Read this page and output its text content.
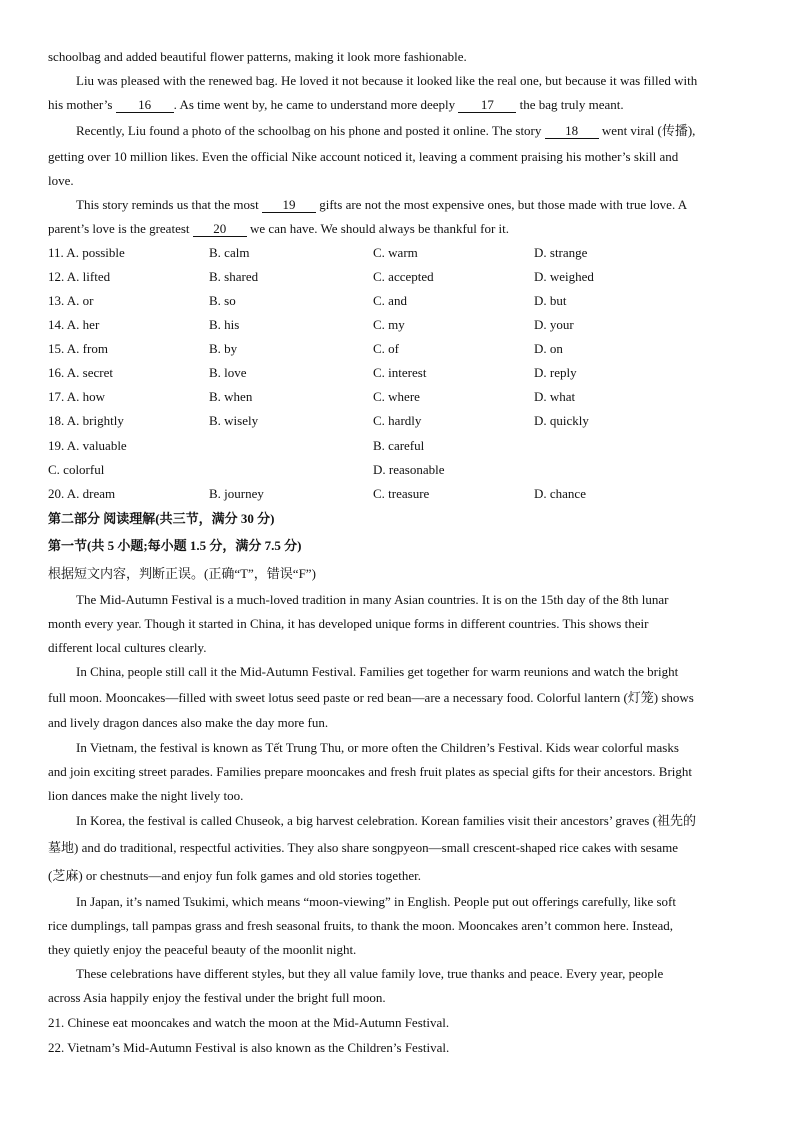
schoolbag and added beautiful flower patterns, making it look more fashionable.
Liu was pleased with the renewed bag. He loved it not because it looked like the real one, but because it was filled with
his mother’s 16 . As time went by, he came to understand more deeply 17 the bag truly meant.
Recently, Liu found a photo of the schoolbag on his phone and posted it online. The story 18 went viral (传播),
getting over 10 million likes. Even the official Nike account noticed it, leaving a comment praising his mother’s skill and
love.
This story reminds us that the most 19 gifts are not the most expensive ones, but those made with true love. A
parent’s love is the greatest 20 we can have. We should always be thankful for it.
11. A. possible	B. calm	C. warm	D. strange
12. A. lifted	B. shared	C. accepted	D. weighed
13. A. or	B. so	C. and	D. but
14. A. her	B. his	C. my	D. your
15. A. from	B. by	C. of	D. on
16. A. secret	B. love	C. interest	D. reply
17. A. how	B. when	C. where	D. what
18. A. brightly	B. wisely	C. hardly	D. quickly
19. A. valuable	B. careful
C. colorful	D. reasonable
20. A. dream	B. journey	C. treasure	D. chance
第二部分 阅读理解(共三节，满分 30 分)
第一节(共 5 小题;每小题 1.5 分，满分 7.5 分)
根据短文内容，判断正误。(正确“T”，错误“F”)
The Mid-Autumn Festival is a much-loved tradition in many Asian countries. It is on the 15th day of the 8th lunar
month every year. Though it started in China, it has developed unique forms in different countries. This shows their
different local cultures clearly.
In China, people still call it the Mid-Autumn Festival. Families get together for warm reunions and watch the bright
full moon. Mooncakes—filled with sweet lotus seed paste or red bean—are a necessary food. Colorful lantern (灯笼) shows
and lively dragon dances also make the day more fun.
In Vietnam, the festival is known as Tết Trung Thu, or more often the Children’s Festival. Kids wear colorful masks
and join exciting street parades. Families prepare mooncakes and fresh fruit plates as special gifts for their ancestors. Bright
lion dances make the night lively too.
In Korea, the festival is called Chuseok, a big harvest celebration. Korean families visit their ancestors’ graves (祖先的
墓地) and do traditional, respectful activities. They also share songpyeon—small crescent-shaped rice cakes with sesame
(芝麻) or chestnuts—and enjoy fun folk games and old stories together.
In Japan, it’s named Tsukimi, which means “moon-viewing” in English. People put out offerings carefully, like soft
rice dumplings, tall pampas grass and fresh seasonal fruits, to thank the moon. Mooncakes aren’t common here. Instead,
they quietly enjoy the peaceful beauty of the moonlit night.
These celebrations have different styles, but they all value family love, true thanks and peace. Every year, people
across Asia happily enjoy the festival under the bright full moon.
21. Chinese eat mooncakes and watch the moon at the Mid-Autumn Festival.
22. Vietnam’s Mid-Autumn Festival is also known as the Children’s Festival.
